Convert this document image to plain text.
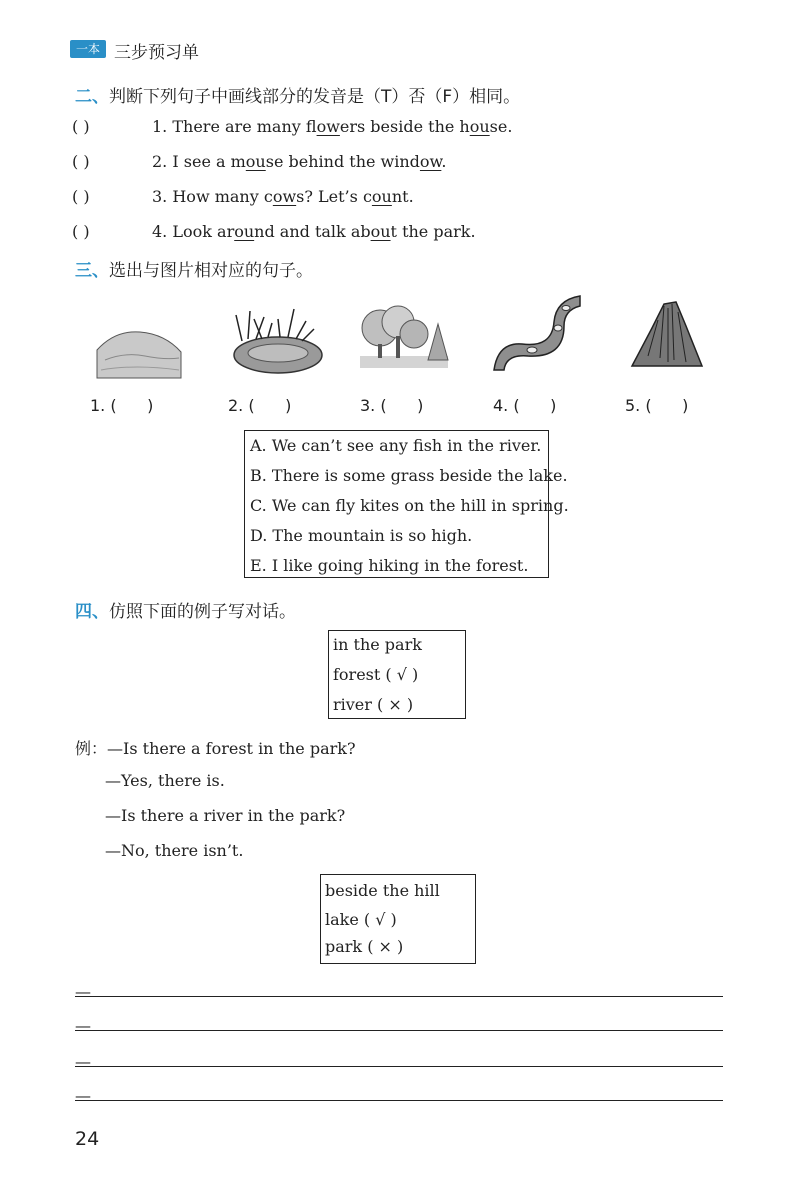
一本 三步预习单
二、判断下列句子中画线部分的发音是（T）否（F）相同。
( )	1. There are many flowers beside the house.
( )	2. I see a mouse behind the window.
( )	3. How many cows? Let’s count.
( )	4. Look around and talk about the park.
三、选出与图片相对应的句子。
1. (      )	2. (      )	3. (      )	4. (      )	5. (      )
A. We can’t see any fish in the river.
B. There is some grass beside the lake.
C. We can fly kites on the hill in spring.
D. The mountain is so high.
E. I like going hiking in the forest.
四、仿照下面的例子写对话。
in the park
forest ( √ )
river ( × )
例：—Is there a forest in the park?
—Yes, there is.
—Is there a river in the park?
—No, there isn’t.
beside the hill
lake ( √ )
park ( × )
—
—
—
—
24
